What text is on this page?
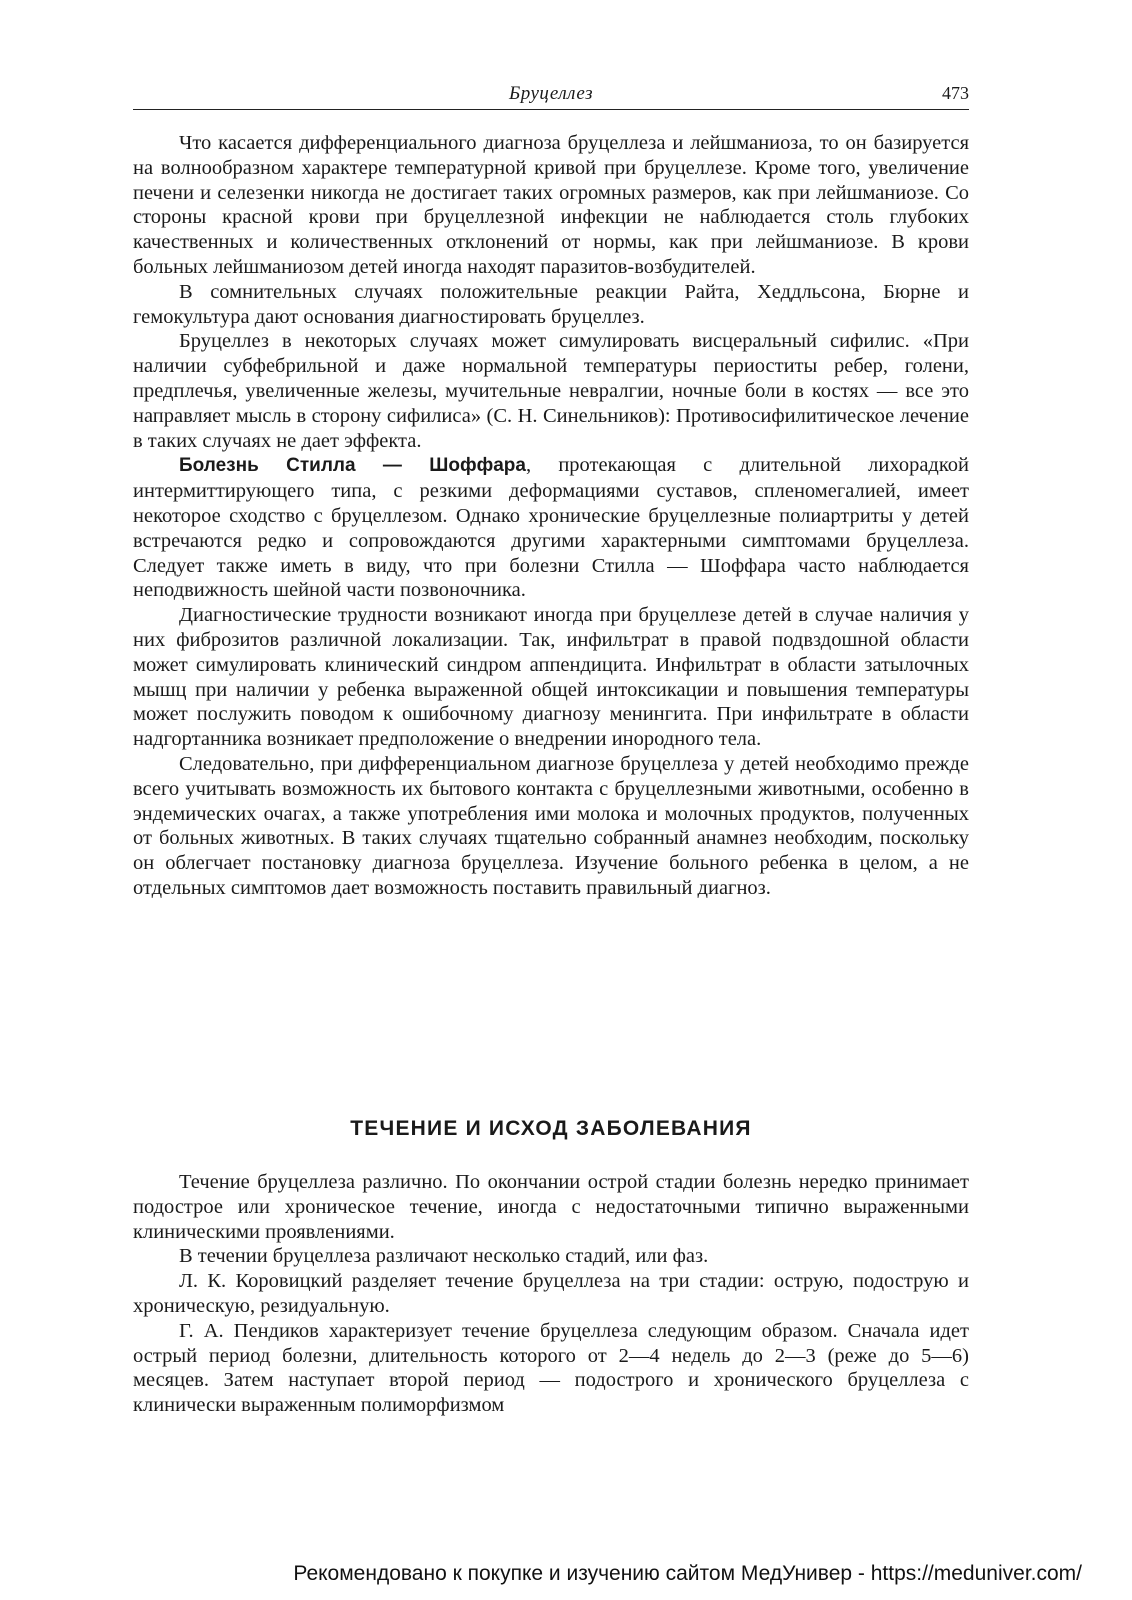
Бруцеллез	473

Что касается дифференциального диагноза бруцеллеза и лейшманиоза, то он базируется на волнообразном характере температурной кривой при бруцеллезе. Кроме того, увеличение печени и селезенки никогда не достигает таких огромных размеров, как при лейшманиозе. Со стороны красной крови при бруцеллезной инфекции не наблюдается столь глубоких качественных и количественных отклонений от нормы, как при лейшманиозе. В крови больных лейшманиозом детей иногда находят паразитов-возбудителей.

В сомнительных случаях положительные реакции Райта, Хеддльсона, Бюрне и гемокультура дают основания диагностировать бруцеллез.

Бруцеллез в некоторых случаях может симулировать висцеральный сифилис. «При наличии субфебрильной и даже нормальной температуры периоститы ребер, голени, предплечья, увеличенные железы, мучительные невралгии, ночные боли в костях — все это направляет мысль в сторону сифилиса» (С. Н. Синельников): Противосифилитическое лечение в таких случаях не дает эффекта.

Болезнь Стилла — Шоффара, протекающая с длительной лихорадкой интермиттирующего типа, с резкими деформациями суставов, спленомегалией, имеет некоторое сходство с бруцеллезом. Однако хронические бруцеллезные полиартриты у детей встречаются редко и сопровождаются другими характерными симптомами бруцеллеза. Следует также иметь в виду, что при болезни Стилла — Шоффара часто наблюдается неподвижность шейной части позвоночника.

Диагностические трудности возникают иногда при бруцеллезе детей в случае наличия у них фиброзитов различной локализации. Так, инфильтрат в правой подвздошной области может симулировать клинический синдром аппендицита. Инфильтрат в области затылочных мышц при наличии у ребенка выраженной общей интоксикации и повышения температуры может послужить поводом к ошибочному диагнозу менингита. При инфильтрате в области надгортанника возникает предположение о внедрении инородного тела.

Следовательно, при дифференциальном диагнозе бруцеллеза у детей необходимо прежде всего учитывать возможность их бытового контакта с бруцеллезными животными, особенно в эндемических очагах, а также употребления ими молока и молочных продуктов, полученных от больных животных. В таких случаях тщательно собранный анамнез необходим, поскольку он облегчает постановку диагноза бруцеллеза. Изучение больного ребенка в целом, а не отдельных симптомов дает возможность поставить правильный диагноз.

ТЕЧЕНИЕ И ИСХОД ЗАБОЛЕВАНИЯ

Течение бруцеллеза различно. По окончании острой стадии болезнь нередко принимает подострое или хроническое течение, иногда с недостаточными типично выраженными клиническими проявлениями.

В течении бруцеллеза различают несколько стадий, или фаз.

Л. К. Коровицкий разделяет течение бруцеллеза на три стадии: острую, подострую и хроническую, резидуальную.

Г. А. Пендиков характеризует течение бруцеллеза следующим образом. Сначала идет острый период болезни, длительность которого от 2—4 недель до 2—3 (реже до 5—6) месяцев. Затем наступает второй период — подострого и хронического бруцеллеза с клинически выраженным полиморфизмом

Рекомендовано к покупке и изучению сайтом МедУнивер - https://meduniver.com/
